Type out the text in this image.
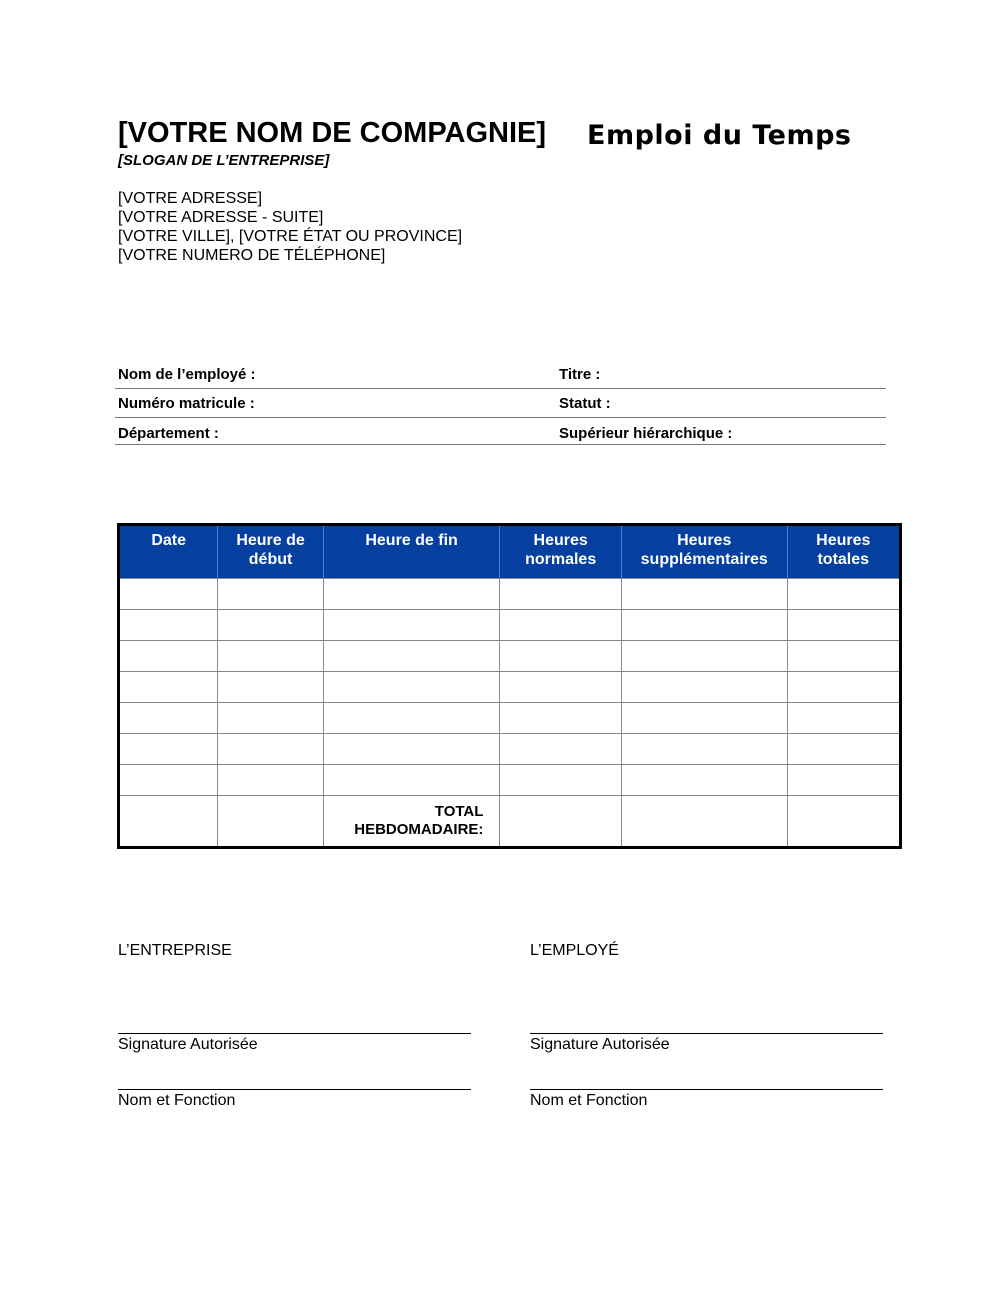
[VOTRE NOM DE COMPAGNIE] Emploi du Temps
[SLOGAN DE L’ENTREPRISE]
[VOTRE ADRESSE]
[VOTRE ADRESSE - SUITE]
[VOTRE VILLE], [VOTRE ÉTAT OU PROVINCE]
[VOTRE NUMERO DE TÉLÉPHONE]
Nom de l’employé :	Titre :
Numéro matricule :	Statut :
Département :	Supérieur hiérarchique :
Date	Heure de début	Heure de fin	Heures normales	Heures supplémentaires	Heures totales

		TOTAL HEBDOMADAIRE:			
L’ENTREPRISE	L’EMPLOYÉ
Signature Autorisée	Signature Autorisée
Nom et Fonction	Nom et Fonction
